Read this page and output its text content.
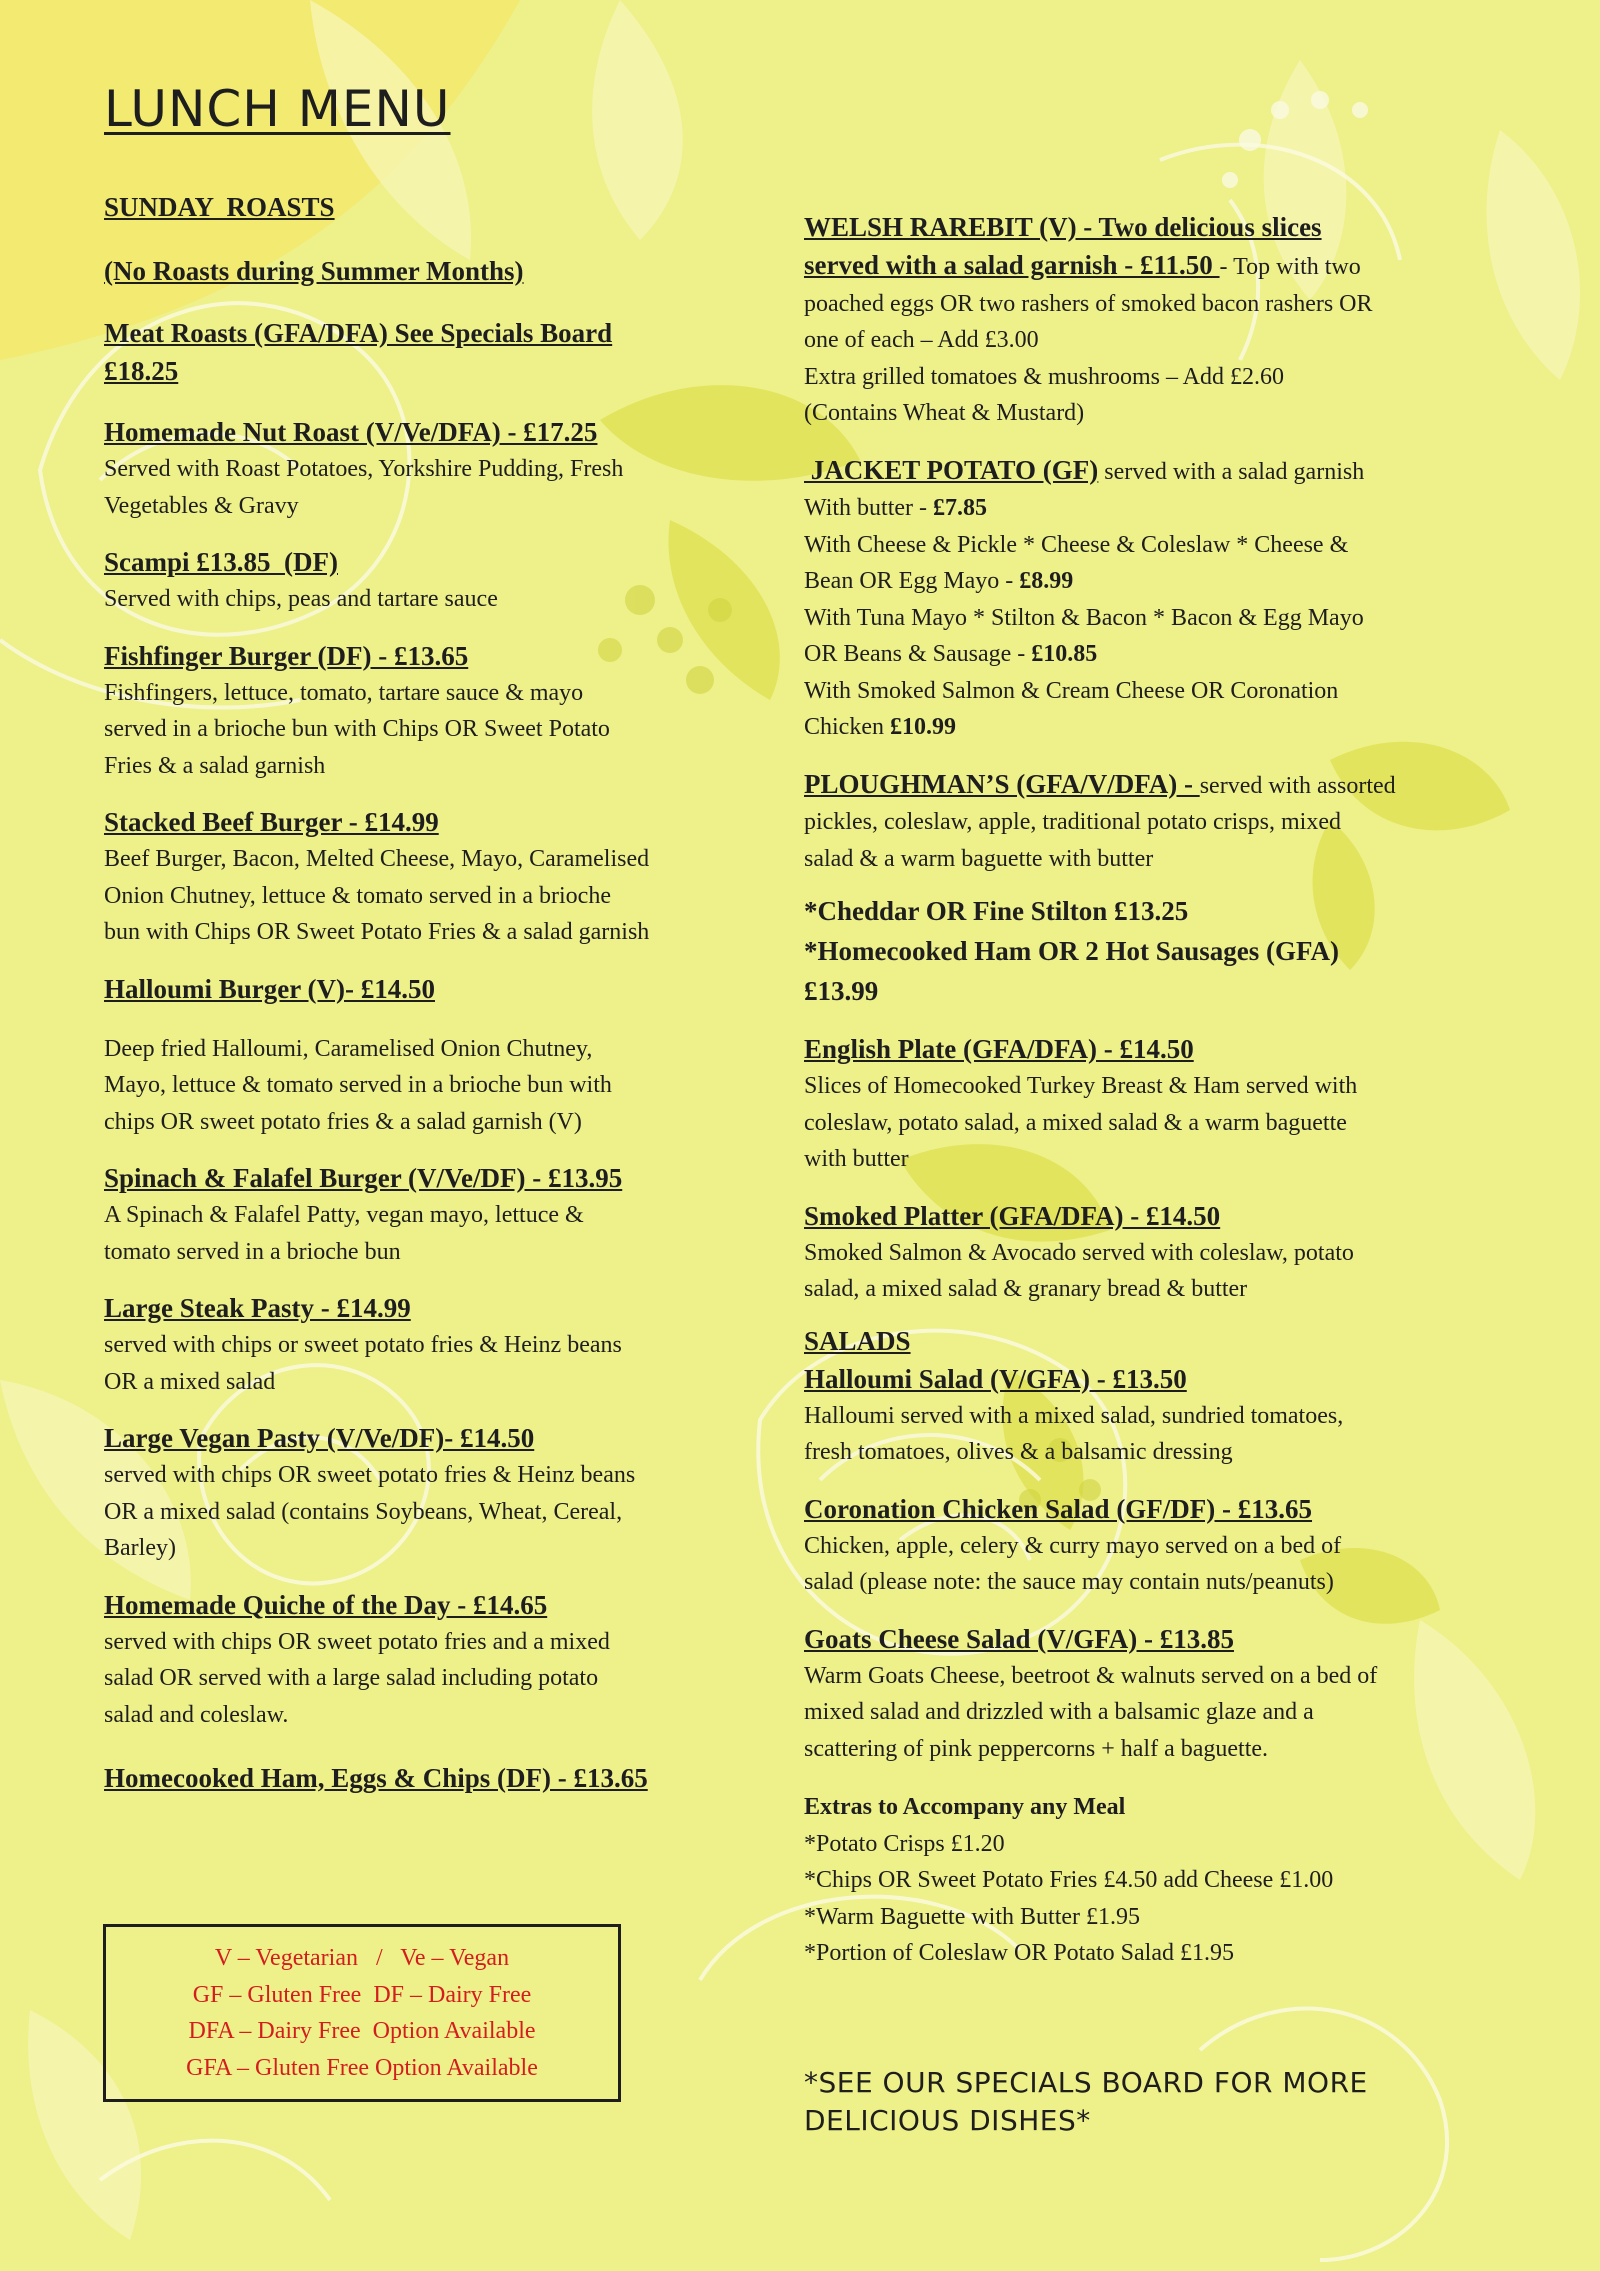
LUNCH MENU
SUNDAY  ROASTS
(No Roasts during Summer Months)
Meat Roasts (GFA/DFA) See Specials Board
£18.25
Homemade Nut Roast (V/Ve/DFA) - £17.25
Served with Roast Potatoes, Yorkshire Pudding, Fresh
Vegetables & Gravy
Scampi £13.85  (DF)
Served with chips, peas and tartare sauce
Fishfinger Burger (DF) - £13.65
Fishfingers, lettuce, tomato, tartare sauce & mayo
served in a brioche bun with Chips OR Sweet Potato
Fries & a salad garnish
Stacked Beef Burger - £14.99
Beef Burger, Bacon, Melted Cheese, Mayo, Caramelised
Onion Chutney, lettuce & tomato served in a brioche
bun with Chips OR Sweet Potato Fries & a salad garnish
Halloumi Burger (V)- £14.50
Deep fried Halloumi, Caramelised Onion Chutney,
Mayo, lettuce & tomato served in a brioche bun with
chips OR sweet potato fries & a salad garnish (V)
Spinach & Falafel Burger (V/Ve/DF) - £13.95
A Spinach & Falafel Patty, vegan mayo, lettuce &
tomato served in a brioche bun
Large Steak Pasty - £14.99
served with chips or sweet potato fries & Heinz beans
OR a mixed salad
Large Vegan Pasty (V/Ve/DF)- £14.50
served with chips OR sweet potato fries & Heinz beans
OR a mixed salad (contains Soybeans, Wheat, Cereal,
Barley)
Homemade Quiche of the Day - £14.65
served with chips OR sweet potato fries and a mixed
salad OR served with a large salad including potato
salad and coleslaw.
Homecooked Ham, Eggs & Chips (DF) - £13.65
V – Vegetarian   /   Ve – Vegan
GF – Gluten Free  DF – Dairy Free
DFA – Dairy Free  Option Available
GFA – Gluten Free Option Available
WELSH RAREBIT (V) - Two delicious slices
served with a salad garnish - £11.50 - Top with two
poached eggs OR two rashers of smoked bacon rashers OR
one of each – Add £3.00
Extra grilled tomatoes & mushrooms – Add £2.60
(Contains Wheat & Mustard)
JACKET POTATO (GF) served with a salad garnish
With butter - £7.85
With Cheese & Pickle * Cheese & Coleslaw * Cheese &
Bean OR Egg Mayo - £8.99
With Tuna Mayo * Stilton & Bacon * Bacon & Egg Mayo
OR Beans & Sausage - £10.85
With Smoked Salmon & Cream Cheese OR Coronation
Chicken £10.99
PLOUGHMAN’S (GFA/V/DFA) - served with assorted
pickles, coleslaw, apple, traditional potato crisps, mixed
salad & a warm baguette with butter
*Cheddar OR Fine Stilton £13.25
*Homecooked Ham OR 2 Hot Sausages (GFA)
£13.99
English Plate (GFA/DFA) - £14.50
Slices of Homecooked Turkey Breast & Ham served with
coleslaw, potato salad, a mixed salad & a warm baguette
with butter
Smoked Platter (GFA/DFA) - £14.50
Smoked Salmon & Avocado served with coleslaw, potato
salad, a mixed salad & granary bread & butter
SALADS
Halloumi Salad (V/GFA) - £13.50
Halloumi served with a mixed salad, sundried tomatoes,
fresh tomatoes, olives & a balsamic dressing
Coronation Chicken Salad (GF/DF) - £13.65
Chicken, apple, celery & curry mayo served on a bed of
salad (please note: the sauce may contain nuts/peanuts)
Goats Cheese Salad (V/GFA) - £13.85
Warm Goats Cheese, beetroot & walnuts served on a bed of
mixed salad and drizzled with a balsamic glaze and a
scattering of pink peppercorns + half a baguette.
Extras to Accompany any Meal
*Potato Crisps £1.20
*Chips OR Sweet Potato Fries £4.50 add Cheese £1.00
*Warm Baguette with Butter £1.95
*Portion of Coleslaw OR Potato Salad £1.95
*SEE OUR SPECIALS BOARD FOR MORE
DELICIOUS DISHES*
